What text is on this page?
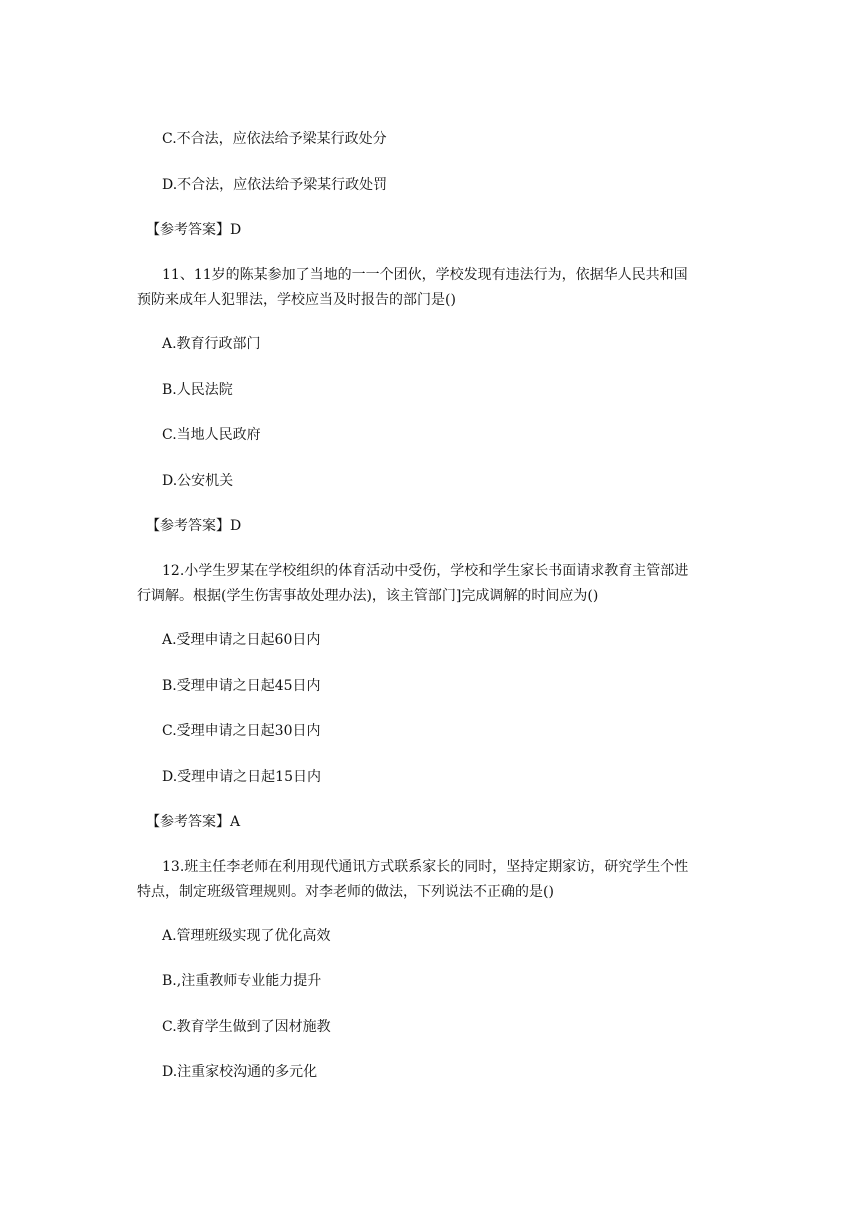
C.不合法，应依法给予梁某行政处分
D.不合法，应依法给予梁某行政处罚
【参考答案】D
11、11岁的陈某参加了当地的一一个团伙，学校发现有违法行为，依据华人民共和国
预防来成年人犯罪法，学校应当及时报告的部门是()
A.教育行政部门
B.人民法院
C.当地人民政府
D.公安机关
【参考答案】D
12.小学生罗某在学校组织的体育活动中受伤，学校和学生家长书面请求教育主管部进
行调解。根据(学生伤害事故处理办法)，该主管部门]完成调解的时间应为()
A.受理申请之日起60日内
B.受理申请之日起45日内
C.受理申请之日起30日内
D.受理申请之日起15日内
【参考答案】A
13.班主任李老师在利用现代通讯方式联系家长的同时，坚持定期家访，研究学生个性
特点，制定班级管理规则。对李老师的做法，下列说法不正确的是()
A.管理班级实现了优化高效
B.,注重教师专业能力提升
C.教育学生做到了因材施教
D.注重家校沟通的多元化
